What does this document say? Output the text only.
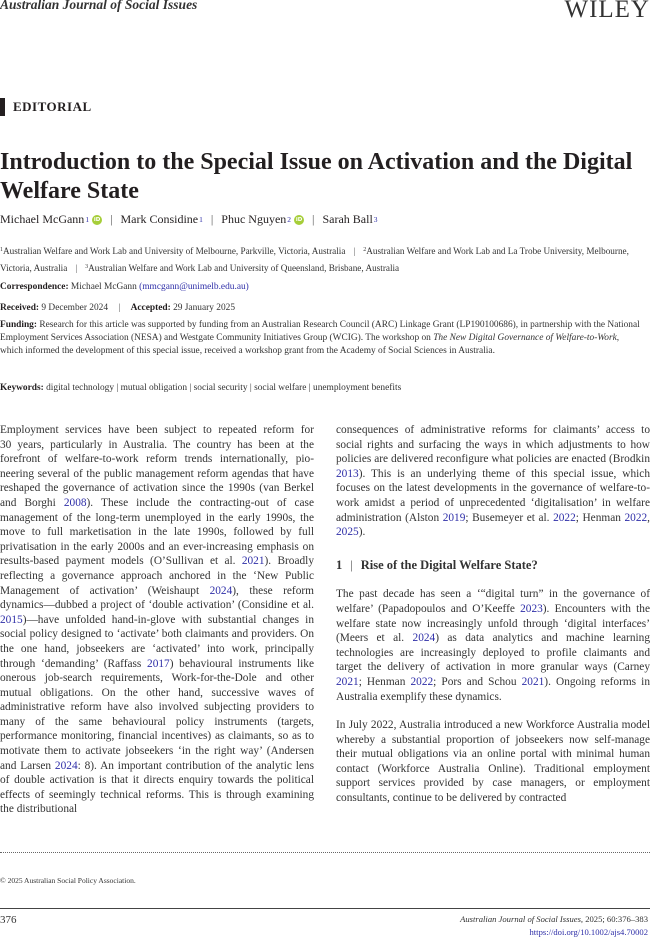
Australian Journal of Social Issues	WILEY
EDITORIAL
Introduction to the Special Issue on Activation and the Digital Welfare State
Michael McGann 1 iD | Mark Considine 1 | Phuc Nguyen 2 iD | Sarah Ball 3
$^1$Australian Welfare and Work Lab and University of Melbourne, Parkville, Victoria, Australia | $^2$Australian Welfare and Work Lab and La Trobe University, Melbourne, Victoria, Australia | $^3$Australian Welfare and Work Lab and University of Queensland, Brisbane, Australia
Correspondence: Michael McGann (mmcgann@unimelb.edu.au)
Received: 9 December 2024 | Accepted: 29 January 2025
Funding: Research for this article was supported by funding from an Australian Research Council (ARC) Linkage Grant (LP190100686), in partnership with the National Employment Services Association (NESA) and Westgate Community Initiatives Group (WCIG). The workshop on The New Digital Governance of Welfare-to-Work, which informed the development of this special issue, received a workshop grant from the Academy of Social Sciences in Australia.
Keywords: digital technology | mutual obligation | social security | social welfare | unemployment benefits

Employment services have been subject to repeated reform for 30 years, particularly in Australia. The country has been at the forefront of welfare-to-work reform trends internationally, pioneering several of the public management reform agendas that have reshaped the governance of activation since the 1990s (van Berkel and Borghi 2008). These include the contracting-out of case management of the long-term unemployed in the early 1990s, the move to full marketisation in the late 1990s, followed by full privatisation in the early 2000s and an ever-increasing emphasis on results-based payment models (O’Sullivan et al. 2021). Broadly reflecting a governance approach anchored in the ‘New Public Management of activation’ (Weishaupt 2024), these reform dynamics—dubbed a project of ‘double activation’ (Considine et al. 2015)—have unfolded hand-in-glove with substantial changes in social policy designed to ‘activate’ both claimants and providers. On the one hand, jobseekers are ‘activated’ into work, principally through ‘demanding’ (Raffass 2017) behavioural instruments like onerous job-search requirements, Work-for-the-Dole and other mutual obligations. On the other hand, successive waves of administrative reform have also involved subjecting providers to many of the same behavioural policy instruments (targets, performance monitoring, financial incentives) as claimants, so as to motivate them to activate jobseekers ‘in the right way’ (Andersen and Larsen 2024: 8). An important contribution of the analytic lens of double activation is that it directs enquiry towards the political effects of seemingly technical reforms. This is through examining the distributional

consequences of administrative reforms for claimants’ access to social rights and surfacing the ways in which adjustments to how policies are delivered reconfigure what policies are enacted (Brodkin 2013). This is an underlying theme of this special issue, which focuses on the latest developments in the governance of welfare-to-work amidst a period of unprecedented ‘digitalisation’ in welfare administration (Alston 2019; Busemeyer et al. 2022; Henman 2022, 2025).

1 | Rise of the Digital Welfare State?

The past decade has seen a ‘“digital turn” in the governance of welfare’ (Papadopoulos and O’Keeffe 2023). Encounters with the welfare state now increasingly unfold through ‘digital interfaces’ (Meers et al. 2024) as data analytics and machine learning technologies are increasingly deployed to profile claimants and target the delivery of activation in more granular ways (Carney 2021; Henman 2022; Pors and Schou 2021). Ongoing reforms in Australia exemplify these dynamics.

In July 2022, Australia introduced a new Workforce Australia model whereby a substantial proportion of jobseekers now self-manage their mutual obligations via an online portal with minimal human contact (Workforce Australia Online). Traditional employment support services provided by case managers, or employment consultants, continue to be delivered by contracted

© 2025 Australian Social Policy Association.
376	Australian Journal of Social Issues, 2025; 60:376–383
https://doi.org/10.1002/ajs4.70002
